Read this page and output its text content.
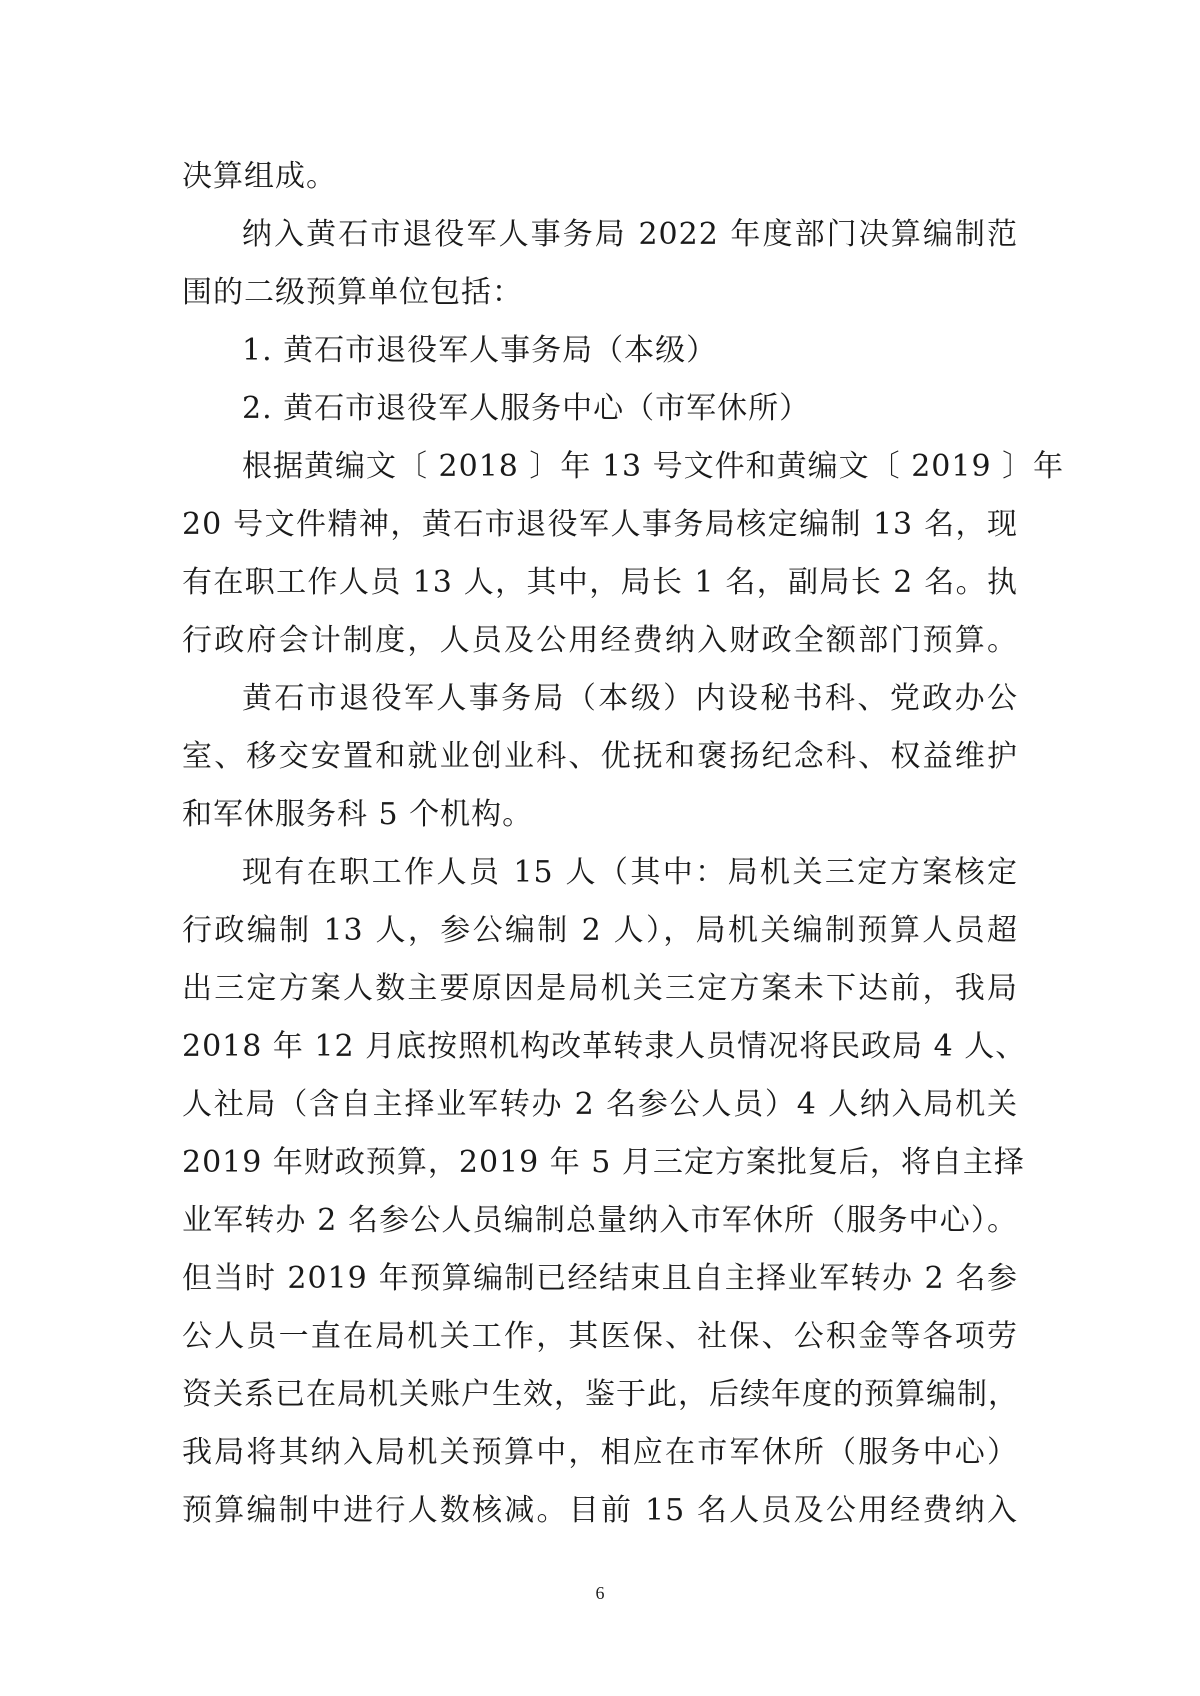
决算组成。
纳入黄石市退役军人事务局 2022 年度部门决算编制范
围的二级预算单位包括：
1. 黄石市退役军人事务局（本级）
2. 黄石市退役军人服务中心（市军休所）
根据黄编文〔 2018 〕年 13 号文件和黄编文〔 2019 〕年
20 号文件精神，黄石市退役军人事务局核定编制 13 名，现
有在职工作人员 13 人，其中，局长 1 名，副局长 2 名。执
行政府会计制度，人员及公用经费纳入财政全额部门预算。
黄石市退役军人事务局（本级）内设秘书科、党政办公
室、移交安置和就业创业科、优抚和褒扬纪念科、权益维护
和军休服务科 5 个机构。
现有在职工作人员 15 人（其中：局机关三定方案核定
行政编制 13 人，参公编制 2 人），局机关编制预算人员超
出三定方案人数主要原因是局机关三定方案未下达前，我局
2018 年 12 月底按照机构改革转隶人员情况将民政局 4 人、
人社局（含自主择业军转办 2 名参公人员）4 人纳入局机关
2019 年财政预算，2019 年 5 月三定方案批复后，将自主择
业军转办 2 名参公人员编制总量纳入市军休所（服务中心）。
但当时 2019 年预算编制已经结束且自主择业军转办 2 名参
公人员一直在局机关工作，其医保、社保、公积金等各项劳
资关系已在局机关账户生效，鉴于此，后续年度的预算编制，
我局将其纳入局机关预算中，相应在市军休所（服务中心）
预算编制中进行人数核减。目前 15 名人员及公用经费纳入
6
